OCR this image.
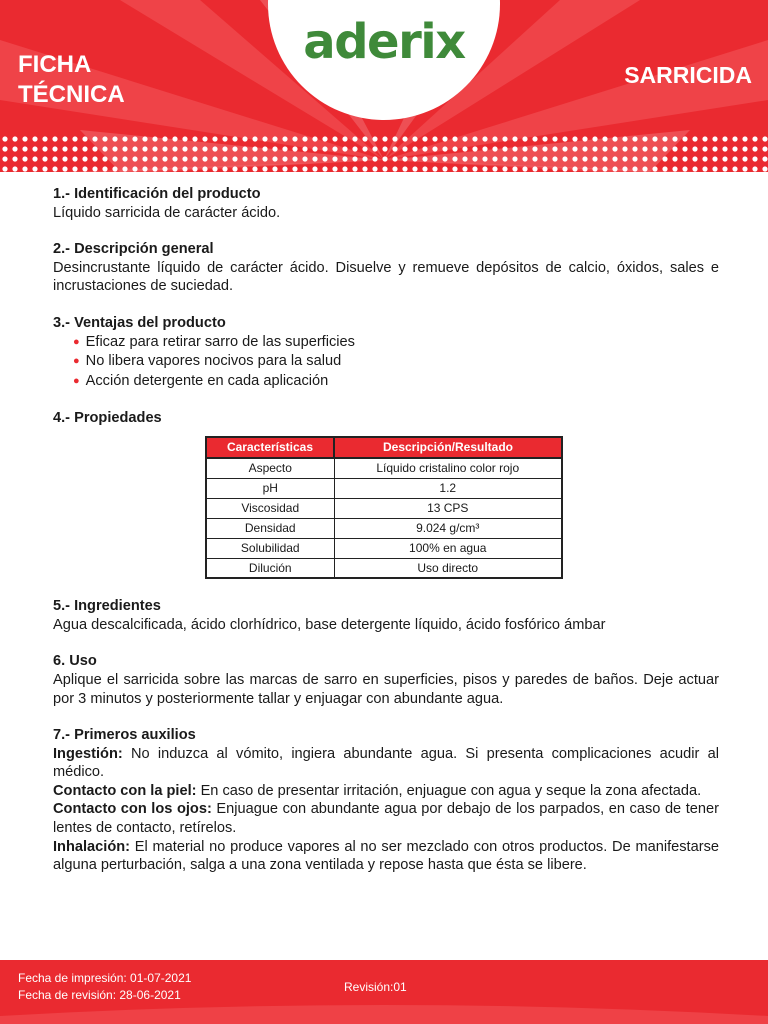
aderix
FICHA
TÉCNICA
SARRICIDA
1.- Identificación del producto

Líquido sarricida de carácter ácido.

2.- Descripción general

Desincrustante líquido de carácter ácido. Disuelve y remueve depósitos de calcio, óxidos, sales e incrustaciones de suciedad.

3.- Ventajas del producto
● Eficaz para retirar sarro de las superficies
● No libera vapores nocivos para la salud
● Acción detergente en cada aplicación
4.- Propiedades
Características	Descripción/Resultado
Aspecto	Líquido cristalino color rojo
pH	1.2
Viscosidad	13 CPS
Densidad	9.024 g/cm³
Solubilidad	100% en agua
Dilución	Uso directo
5.- Ingredientes

Agua descalcificada, ácido clorhídrico, base detergente líquido, ácido fosfórico ámbar

6. Uso

Aplique el sarricida sobre las marcas de sarro en superficies, pisos y paredes de baños. Deje actuar por 3 minutos y posteriormente tallar y enjuagar con abundante agua.

7.- Primeros auxilios

Ingestión: No induzca al vómito, ingiera abundante agua. Si presenta complicaciones acudir al médico.

Contacto con la piel: En caso de presentar irritación, enjuague con agua y seque la zona afectada.

Contacto con los ojos: Enjuague con abundante agua por debajo de los parpados, en caso de tener lentes de contacto, retírelos.

Inhalación: El material no produce vapores al no ser mezclado con otros productos. De manifestarse alguna perturbación, salga a una zona ventilada y repose hasta que ésta se libere.

Fecha de impresión: 01-07-2021
Fecha de revisión: 28-06-2021
Revisión:01
